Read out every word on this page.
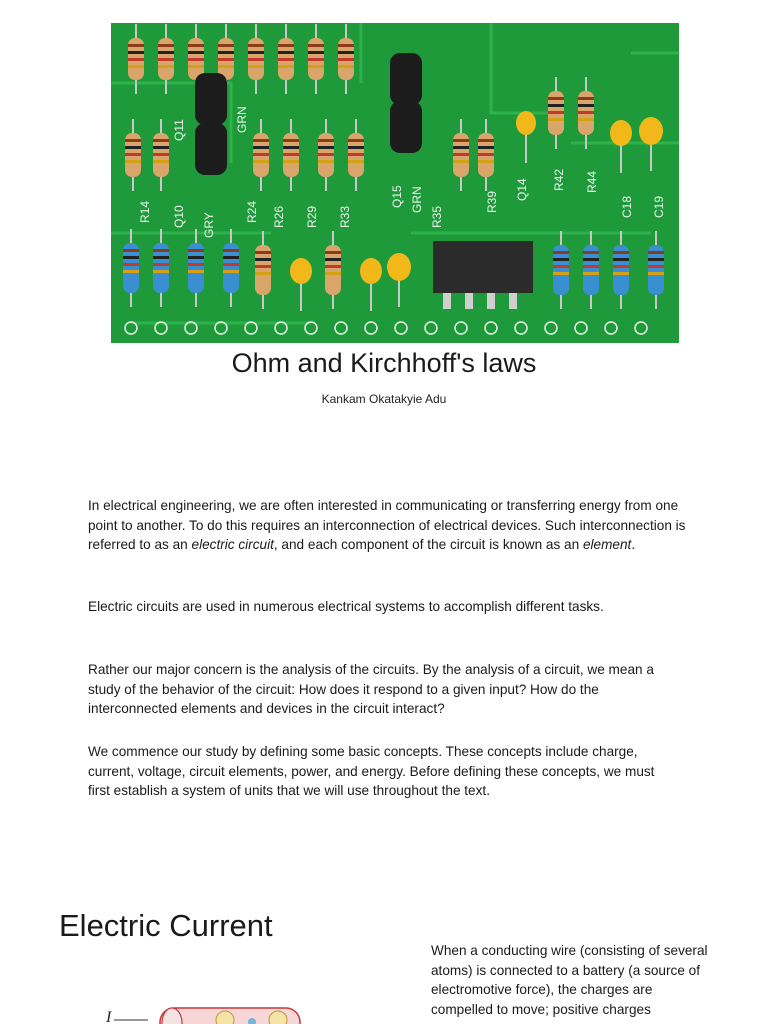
Q11	GRN
R14 Q10 GRY
R24 R26 R29 R33
Q15 GRN
R35
R39
Q14 R42 R44
C18 C19
Ohm and Kirchhoff's laws
Kankam Okatakyie Adu

In electrical engineering, we are often interested in communicating or transferring energy from one point to another. To do this requires an interconnection of electrical devices. Such interconnection is referred to as an electric circuit, and each component of the circuit is known as an element.

Electric circuits are used in numerous electrical systems to accomplish different tasks.

Rather our major concern is the analysis of the circuits. By the analysis of a circuit, we mean a study of the behavior of the circuit: How does it respond to a given input? How do the interconnected elements and devices in the circuit interact?

We commence our study by defining some basic concepts. These concepts include charge, current, voltage, circuit elements, power, and energy. Before defining these concepts, we must first establish a system of units that we will use throughout the text.

Electric Current

When a conducting wire (consisting of several atoms) is connected to a battery (a source of electromotive force), the charges are compelled to move; positive charges

I
